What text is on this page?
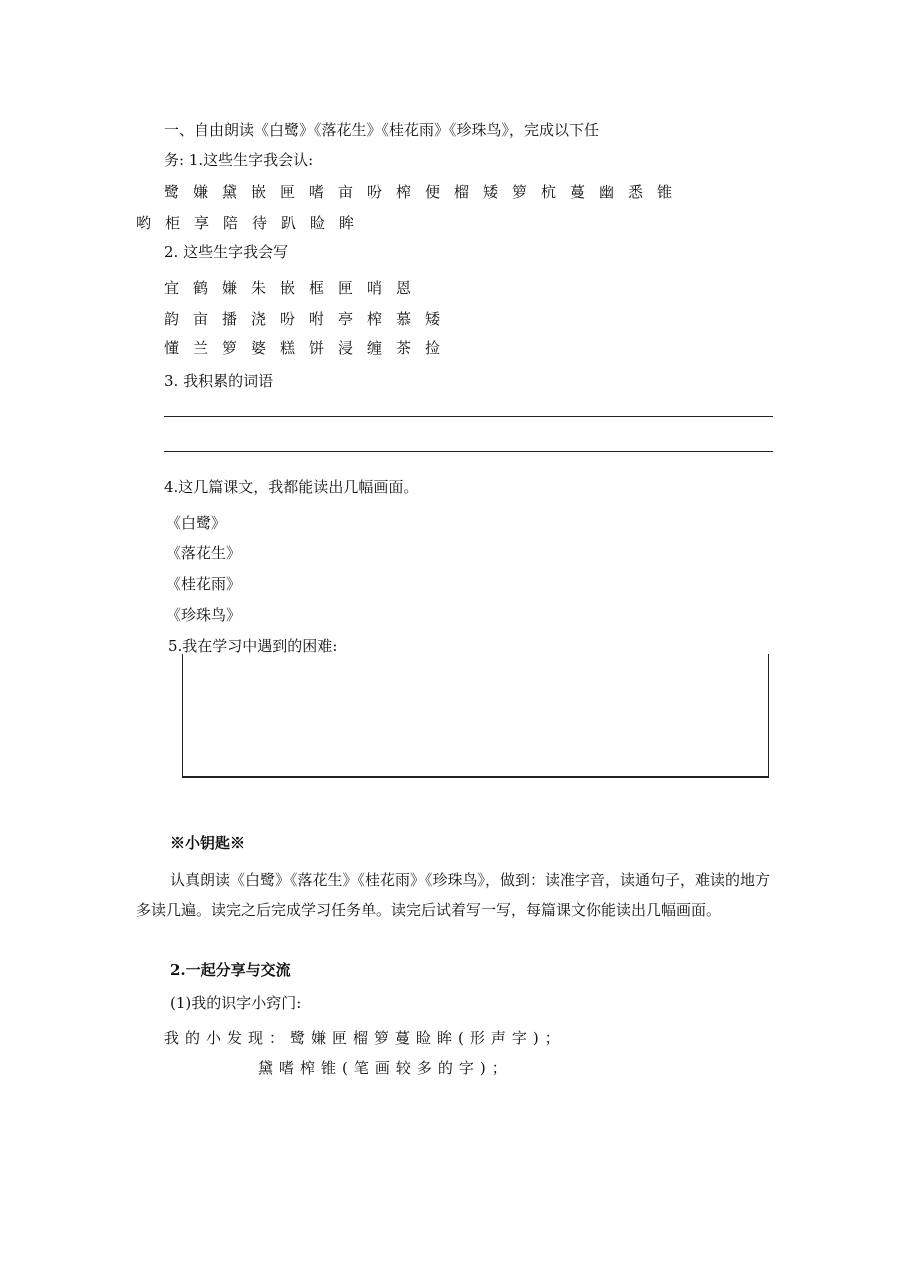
一、自由朗读《白鹭》《落花生》《桂花雨》《珍珠鸟》，完成以下任
务: 1.这些生字我会认:
鹭嫌黛嵌匣嗜亩吩榨便榴矮箩杭蔓幽悉锥
哟柜享陪待趴睑眸
2. 这些生字我会写
宜鹤嫌朱嵌框匣哨恩
韵亩播浇吩咐亭榨慕矮
懂兰箩婆糕饼浸缠茶捡
3. 我积累的词语
4.这几篇课文，我都能读出几幅画面。
《白鹭》
《落花生》
《桂花雨》
《珍珠鸟》
5.我在学习中遇到的困难:
※小钥匙※
认真朗读《白鹭》《落花生》《桂花雨》《珍珠鸟》，做到：读准字音，读通句子，难读的地方多读几遍。读完之后完成学习任务单。读完后试着写一写，每篇课文你能读出几幅画面。
2.一起分享与交流
(1)我的识字小窍门:
我的小发现：鹭嫌匣榴箩蔓睑眸(形声字)；
黛嗜榨锥(笔画较多的字)；
